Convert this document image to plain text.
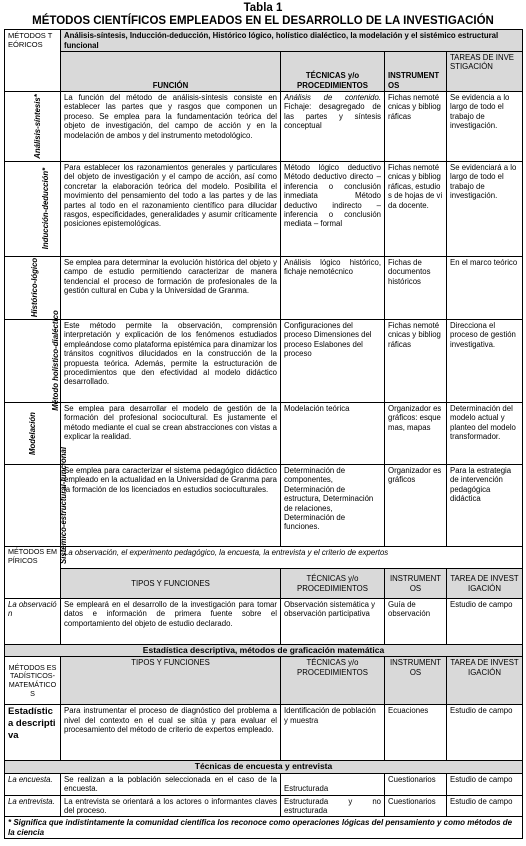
Tabla 1
MÉTODOS CIENTÍFICOS EMPLEADOS EN EL DESARROLLO DE LA INVESTIGACIÓN
MÉTODOS TEÓRICOS	Análisis-síntesis, Inducción-deducción, Histórico lógico, holístico dialéctico, la modelación y el sistémico estructural funcional			
	FUNCIÓN	TÉCNICAS y/o PROCEDIMIENTOS	INSTRUMENTOS	TAREAS DE INVESTIGACIÓN
Análisis-síntesis*	La función del método de análisis-síntesis consiste en establecer las partes que y rasgos que componen un proceso. Se emplea para la fundamentación teórica del objeto de investigación, del campo de acción y en la modelación de ambos y del instrumento metodológico.	Análisis de contenido. Fichaje: desagregado de las partes y síntesis conceptual	Fichas nemotécnicas y bibliográficas	Se evidencia a lo largo de todo el trabajo de investigación.
Inducción-deducción*	Para establecer los razonamientos generales y particulares del objeto de investigación y el campo de acción, así como concretar la elaboración teórica del modelo. Posibilita el movimiento del pensamiento del todo a las partes y de las partes al todo en el razonamiento científico para dilucidar rasgos, especificidades, generalidades y asumir críticamente posiciones epistemológicas.	Método lógico deductivo Método deductivo directo – inferencia o conclusión inmediata Método deductivo indirecto – inferencia o conclusión mediata – formal	Fichas nemotécnicas y bibliográficas, estudios de hojas de vida docente.	Se evidenciará a lo largo de todo el trabajo de investigación.
Histórico-lógico	Se emplea para determinar la evolución histórica del objeto y campo de estudio permitiendo caracterizar de manera tendencial el proceso de formación de profesionales de la gestión cultural en Cuba y la Universidad de Granma.	Análisis lógico histórico, fichaje nemotécnico	Fichas de documentos históricos	En el marco teórico
Método holístico-dialéctico	Este método permite la observación, comprensión interpretación y explicación de los fenómenos estudiados empleándose como plataforma epistémica para dinamizar los tránsitos cognitivos dilucidados en la construcción de la propuesta teórica. Además, permite la estructuración de procedimientos que den efectividad al modelo didáctico desarrollado.	Configuraciones del proceso Dimensiones del proceso Eslabones del proceso	Fichas nemotécnicas y bibliográficas	Direcciona el proceso de gestión investigativa.
Modelación	Se emplea para desarrollar el modelo de gestión de la formación del profesional sociocultural. Es justamente el método mediante el cual se crean abstracciones con vistas a explicar la realidad.	Modelación teórica	Organizador es gráficos: esquemas, mapas	Determinación del modelo actual y planteo del modelo transformador.
Sistémico-estructural-funcional	Se emplea para caracterizar el sistema pedagógico didáctico empleado en la actualidad en la Universidad de Granma para la formación de los licenciados en estudios socioculturales.	Determinación de componentes, Determinación de estructura, Determinación de relaciones, Determinación de funciones.	Organizador es gráficos	Para la estrategia de intervención pedagógica didáctica
MÉTODOS EMPÍRICOS	La observación, el experimento pedagógico, la encuesta, la entrevista y el criterio de expertos			
	TIPOS Y FUNCIONES	TÉCNICAS y/o PROCEDIMIENTOS	INSTRUMENTOS	TAREA DE INVESTIGACIÓN
La observación	Se empleará en el desarrollo de la investigación para tomar datos e información de primera fuente sobre el comportamiento del objeto de estudio declarado.	Observación sistemática y observación participativa	Guía de observación	Estudio de campo
Estadística descriptiva, métodos de graficación matemática				
MÉTODOS ESTADÍSTICOS-MATEMÁTICOS	TIPOS Y FUNCIONES	TÉCNICAS y/o PROCEDIMIENTOS	INSTRUMENTOS	TAREA DE INVESTIGACIÓN
Estadística descriptiva	Para instrumentar el proceso de diagnóstico del problema a nivel del contexto en el cual se sitúa y para evaluar el procesamiento del método de criterio de expertos empleado.	Identificación de población y muestra	Ecuaciones	Estudio de campo
Técnicas de encuesta y entrevista				
La encuesta.	Se realizan a la población seleccionada en el caso de la encuesta.	Estructurada	Cuestionarios	Estudio de campo
La entrevista.	La entrevista se orientará a los actores o informantes claves del proceso.	Estructurada y no estructurada	Cuestionarios	Estudio de campo
* Significa que indistintamente la comunidad científica los reconoce como operaciones lógicas del pensamiento y como métodos de la ciencia				
